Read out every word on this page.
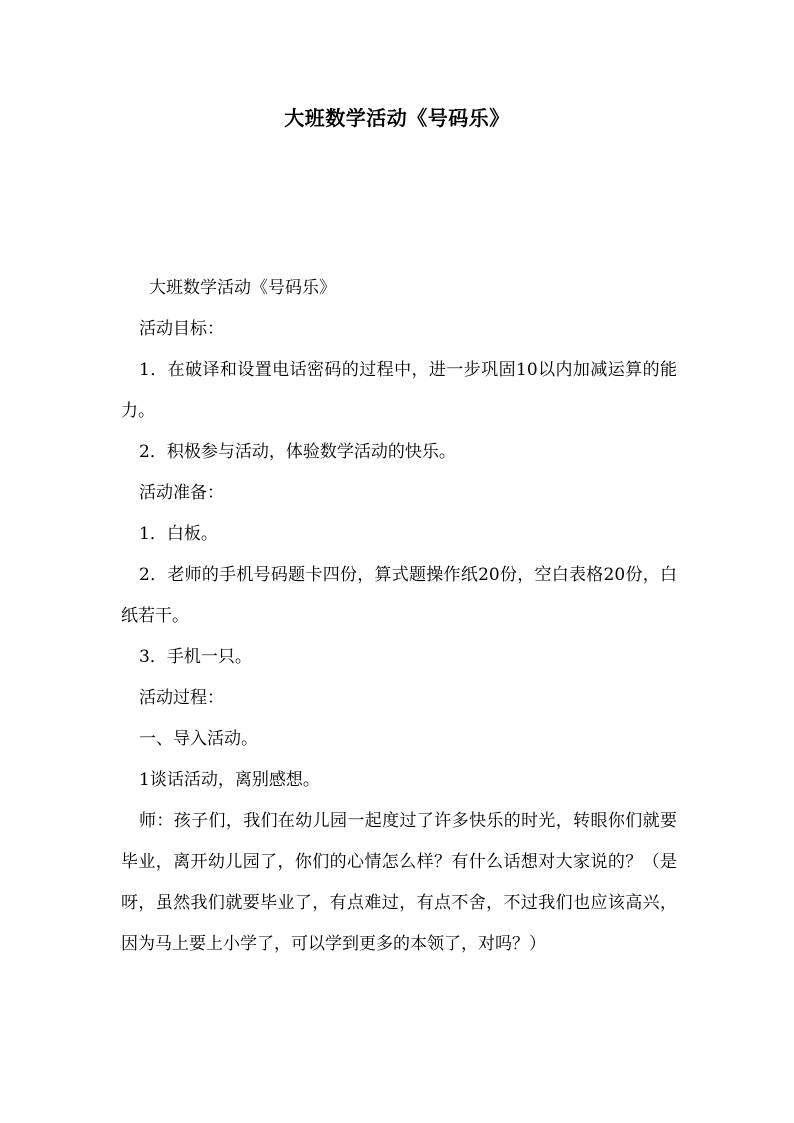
大班数学活动《号码乐》

大班数学活动《号码乐》

活动目标：

1．在破译和设置电话密码的过程中，进一步巩固10以内加减运算的能力。

2．积极参与活动，体验数学活动的快乐。

活动准备：

1．白板。

2．老师的手机号码题卡四份，算式题操作纸20份，空白表格20份，白纸若干。

3．手机一只。

活动过程：

一、导入活动。

1谈话活动，离别感想。

师：孩子们，我们在幼儿园一起度过了许多快乐的时光，转眼你们就要毕业，离开幼儿园了，你们的心情怎么样？有什么话想对大家说的？（是呀，虽然我们就要毕业了，有点难过，有点不舍，不过我们也应该高兴，因为马上要上小学了，可以学到更多的本领了，对吗？）
